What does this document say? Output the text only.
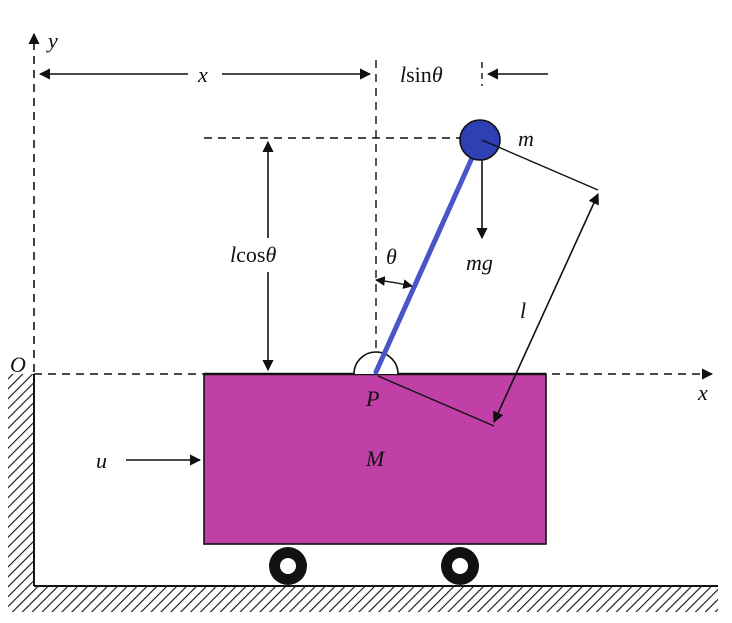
y
x
O
x	lsinθ
lcosθ
M
P
u
θ
m
mg
l
